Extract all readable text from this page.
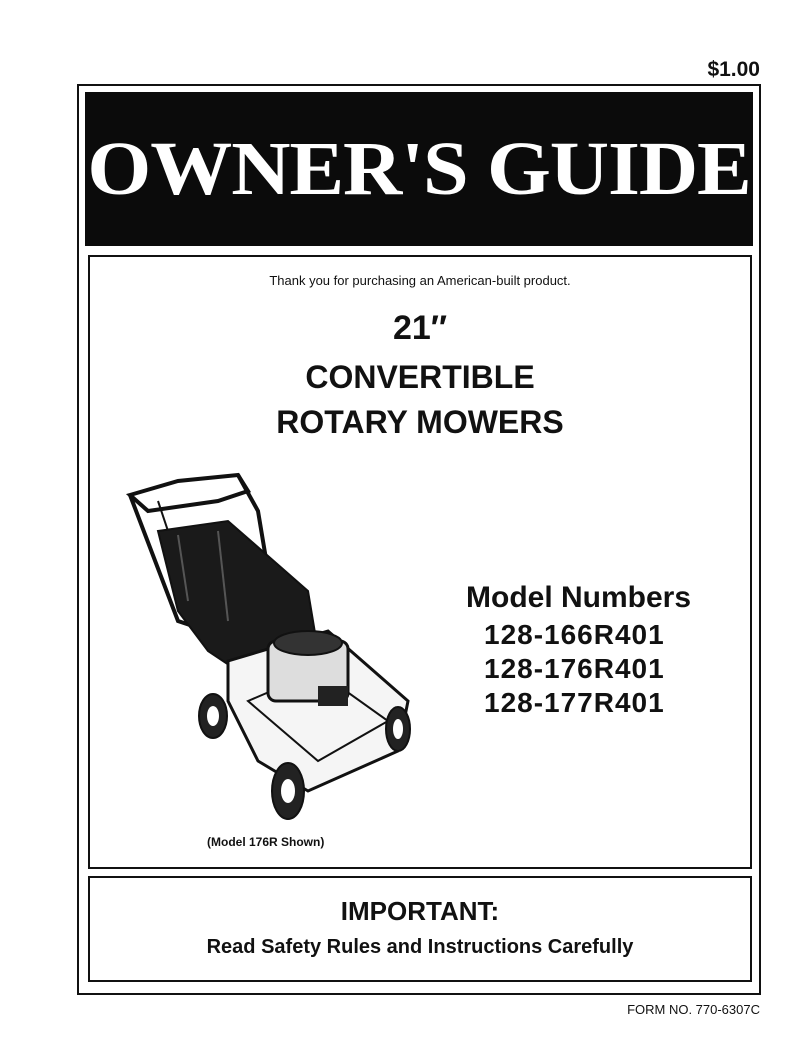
$1.00
OWNER'S GUIDE
Thank you for purchasing an American-built product.
21″
CONVERTIBLE
ROTARY MOWERS
Model Numbers
128-166R401
128-176R401
128-177R401
(Model 176R Shown)
IMPORTANT:
Read Safety Rules and Instructions Carefully
FORM NO. 770-6307C
